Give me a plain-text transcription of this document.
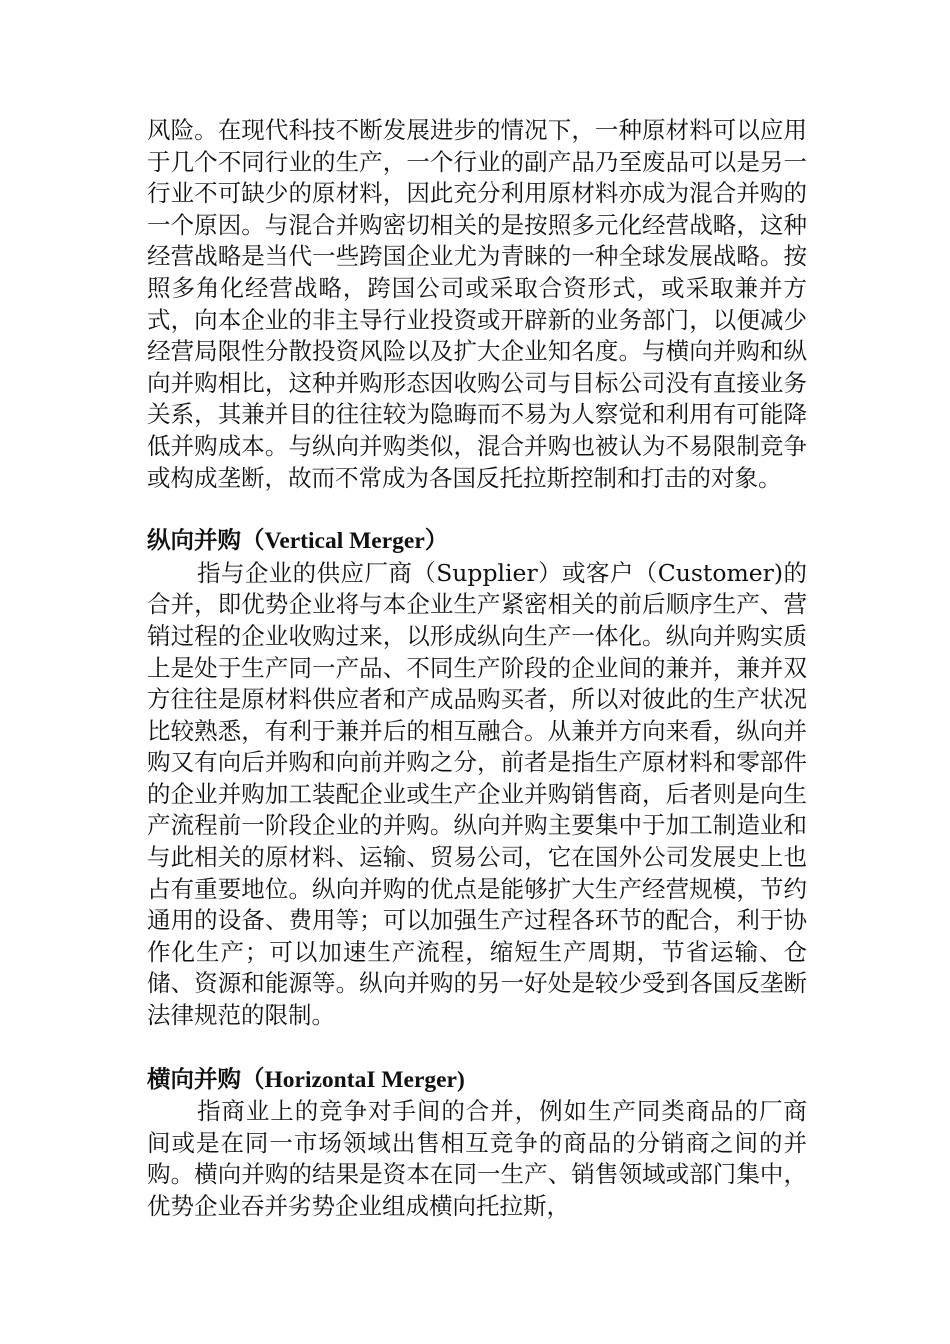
风险。在现代科技不断发展进步的情况下，一种原材料可以应用于几个不同行业的生产，一个行业的副产品乃至废品可以是另一行业不可缺少的原材料，因此充分利用原材料亦成为混合并购的一个原因。与混合并购密切相关的是按照多元化经营战略，这种经营战略是当代一些跨国企业尤为青睐的一种全球发展战略。按照多角化经营战略，跨国公司或采取合资形式，或采取兼并方式，向本企业的非主导行业投资或开辟新的业务部门，以便减少经营局限性分散投资风险以及扩大企业知名度。与横向并购和纵向并购相比，这种并购形态因收购公司与目标公司没有直接业务关系，其兼并目的往往较为隐晦而不易为人察觉和利用有可能降低并购成本。与纵向并购类似，混合并购也被认为不易限制竞争或构成垄断，故而不常成为各国反托拉斯控制和打击的对象。

纵向并购（Vertical Merger）

指与企业的供应厂商（Supplier）或客户（Customer)的合并，即优势企业将与本企业生产紧密相关的前后顺序生产、营销过程的企业收购过来，以形成纵向生产一体化。纵向并购实质上是处于生产同一产品、不同生产阶段的企业间的兼并，兼并双方往往是原材料供应者和产成品购买者，所以对彼此的生产状况比较熟悉，有利于兼并后的相互融合。从兼并方向来看，纵向并购又有向后并购和向前并购之分，前者是指生产原材料和零部件的企业并购加工装配企业或生产企业并购销售商，后者则是向生产流程前一阶段企业的并购。纵向并购主要集中于加工制造业和与此相关的原材料、运输、贸易公司，它在国外公司发展史上也占有重要地位。纵向并购的优点是能够扩大生产经营规模，节约通用的设备、费用等；可以加强生产过程各环节的配合，利于协作化生产；可以加速生产流程，缩短生产周期，节省运输、仓储、资源和能源等。纵向并购的另一好处是较少受到各国反垄断法律规范的限制。

横向并购（HorizontaI Merger)

指商业上的竞争对手间的合并，例如生产同类商品的厂商间或是在同一市场领域出售相互竞争的商品的分销商之间的并购。横向并购的结果是资本在同一生产、销售领域或部门集中，优势企业吞并劣势企业组成横向托拉斯，
